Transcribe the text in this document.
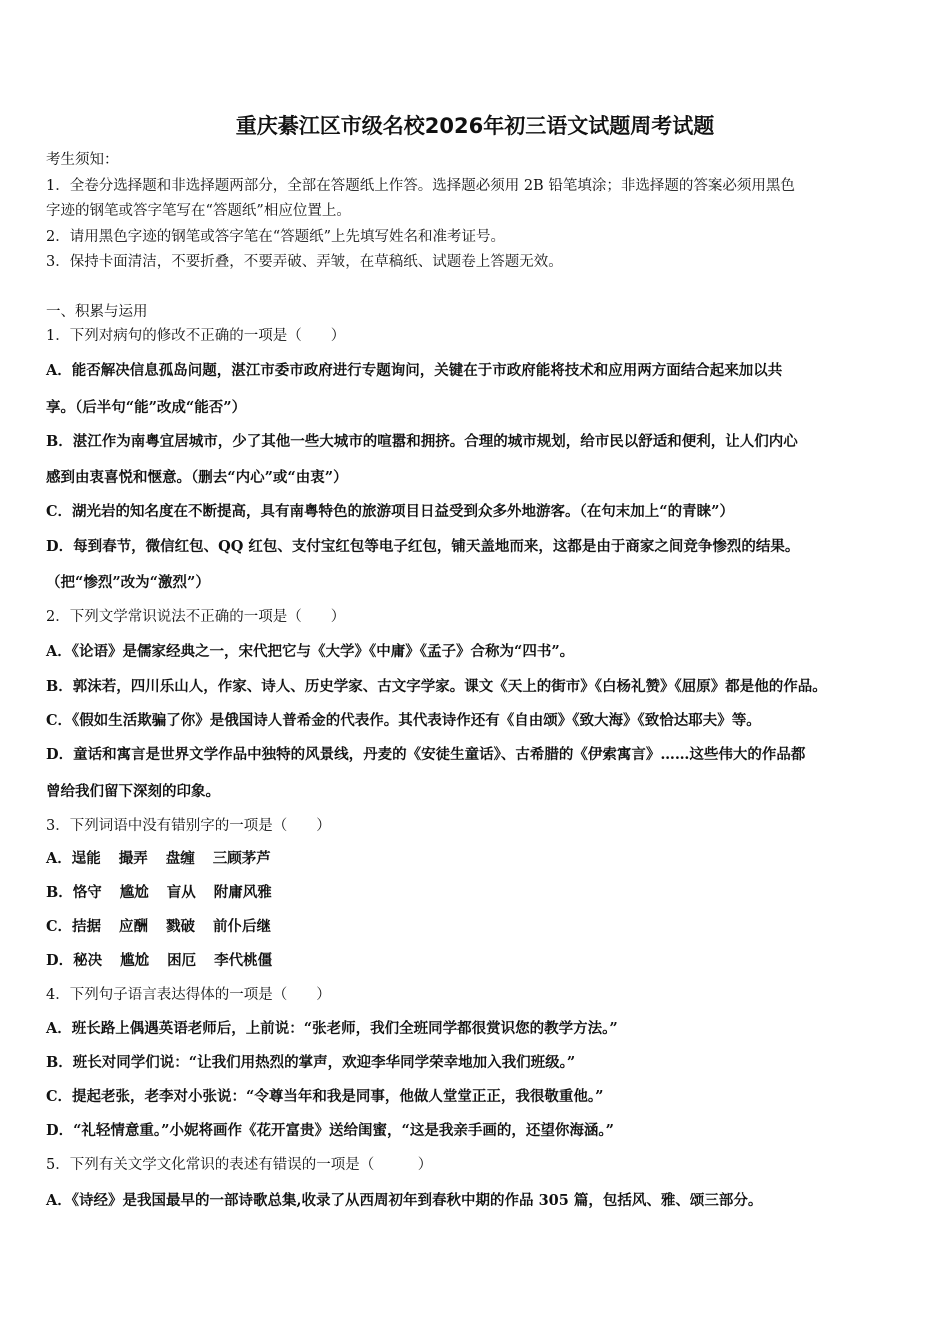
重庆綦江区市级名校2026年初三语文试题周考试题
考生须知：
1．全卷分选择题和非选择题两部分，全部在答题纸上作答。选择题必须用 2B 铅笔填涂；非选择题的答案必须用黑色
字迹的钢笔或答字笔写在“答题纸”相应位置上。
2．请用黑色字迹的钢笔或答字笔在“答题纸”上先填写姓名和准考证号。
3．保持卡面清洁，不要折叠，不要弄破、弄皱，在草稿纸、试题卷上答题无效。
一、积累与运用
1．下列对病句的修改不正确的一项是（　　）
A．能否解决信息孤岛问题，湛江市委市政府进行专题询问，关键在于市政府能将技术和应用两方面结合起来加以共
享。（后半句“能”改成“能否”）
B．湛江作为南粤宜居城市，少了其他一些大城市的喧嚣和拥挤。合理的城市规划，给市民以舒适和便利，让人们内心
感到由衷喜悦和惬意。（删去“内心”或“由衷”）
C．湖光岩的知名度在不断提高，具有南粤特色的旅游项目日益受到众多外地游客。（在句末加上“的青睐”）
D．每到春节，微信红包、QQ 红包、支付宝红包等电子红包，铺天盖地而来，这都是由于商家之间竞争惨烈的结果。
（把“惨烈”改为“激烈”）
2．下列文学常识说法不正确的一项是（　　）
A．《论语》是儒家经典之一，宋代把它与《大学》《中庸》《孟子》合称为“四书”。
B．郭沫若，四川乐山人，作家、诗人、历史学家、古文字学家。课文《天上的街市》《白杨礼赞》《屈原》都是他的作品。
C．《假如生活欺骗了你》是俄国诗人普希金的代表作。其代表诗作还有《自由颂》《致大海》《致恰达耶夫》等。
D．童话和寓言是世界文学作品中独特的风景线，丹麦的《安徒生童话》、古希腊的《伊索寓言》……这些伟大的作品都
曾给我们留下深刻的印象。
3．下列词语中没有错别字的一项是（　　）
A．逞能 撮弄 盘缠 三顾茅芦
B．恪守 尴尬 盲从 附庸风雅
C．拮据 应酬 戮破 前仆后继
D．秘决 尴尬 困厄 李代桃僵
4．下列句子语言表达得体的一项是（　　）
A．班长路上偶遇英语老师后，上前说：“张老师，我们全班同学都很赏识您的教学方法。”
B．班长对同学们说：“让我们用热烈的掌声，欢迎李华同学荣幸地加入我们班级。”
C．提起老张，老李对小张说：“令尊当年和我是同事，他做人堂堂正正，我很敬重他。”
D．“礼轻情意重。”小妮将画作《花开富贵》送给闺蜜，“这是我亲手画的，还望你海涵。”
5．下列有关文学文化常识的表述有错误的一项是（　　　）
A．《诗经》是我国最早的一部诗歌总集,收录了从西周初年到春秋中期的作品 305 篇，包括风、雅、颂三部分。
